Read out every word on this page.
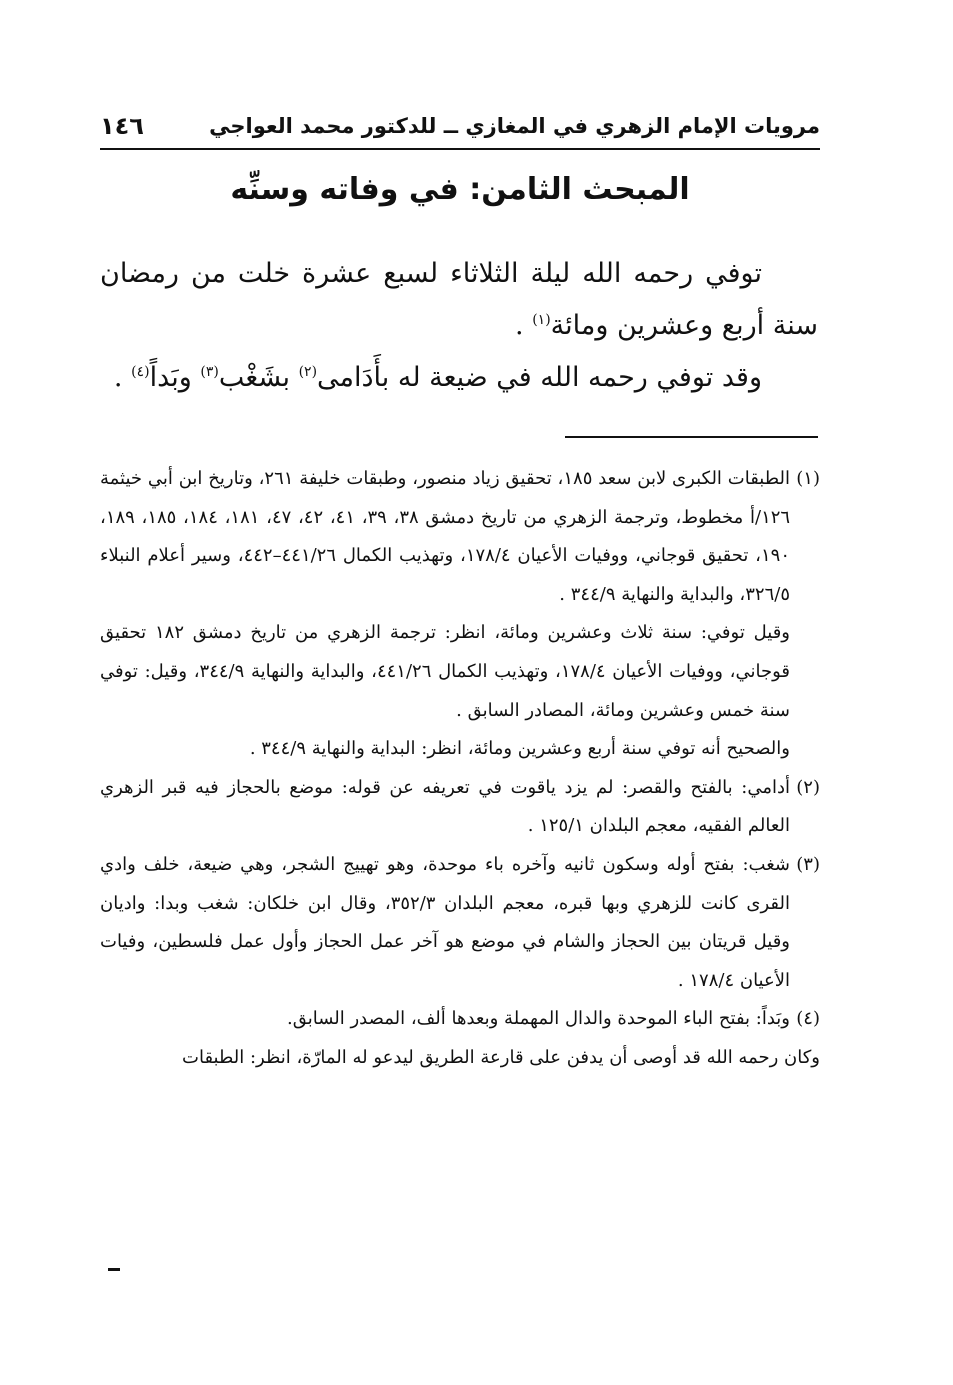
مرويات الإمام الزهري في المغازي ــ للدكتور محمد العواجي
١٤٦
المبحث الثامن: في وفاته وسنِّه

توفي رحمه الله ليلة الثلاثاء لسبع عشرة خلت من رمضان سنة أربع وعشرين ومائة$^{(١)}$ .

وقد توفي رحمه الله في ضيعة له بأَدَامى$^{(٢)}$ بشَغْب$^{(٣)}$ وبَداً$^{(٤)}$ .

(١)الطبقات الكبرى لابن سعد ١٨٥، تحقيق زياد منصور، وطبقات خليفة ٢٦١، وتاريخ ابن أبي خيثمة ١٢٦/أ مخطوط، وترجمة الزهري من تاريخ دمشق ٣٨، ٣٩، ٤١، ٤٢، ٤٧، ١٨١، ١٨٤، ١٨٥، ١٨٩، ١٩٠، تحقيق قوجاني، ووفيات الأعيان ١٧٨/٤، وتهذيب الكمال ٤٤١/٢٦–٤٤٢، وسير أعلام النبلاء ٣٢٦/٥، والبداية والنهاية ٣٤٤/٩ .

وقيل توفي: سنة ثلاث وعشرين ومائة، انظر: ترجمة الزهري من تاريخ دمشق ١٨٢ تحقيق قوجاني، ووفيات الأعيان ١٧٨/٤، وتهذيب الكمال ٤٤١/٢٦، والبداية والنهاية ٣٤٤/٩، وقيل: توفي سنة خمس وعشرين ومائة، المصادر السابق .

والصحيح أنه توفي سنة أربع وعشرين ومائة، انظر: البداية والنهاية ٣٤٤/٩ .

(٢)أدامي: بالفتح والقصر: لم يزد ياقوت في تعريفه عن قوله: موضع بالحجاز فيه قبر الزهري العالم الفقيه، معجم البلدان ١٢٥/١ .

(٣)شغب: بفتح أوله وسكون ثانيه وآخره باء موحدة، وهو تهييج الشجر، وهي ضيعة، خلف وادي القرى كانت للزهري وبها قبره، معجم البلدان ٣٥٢/٣، وقال ابن خلكان: شغب وبدا: واديان وقيل قريتان بين الحجاز والشام في موضع هو آخر عمل الحجاز وأول عمل فلسطين، وفيات الأعيان ١٧٨/٤ .

(٤)وبَداً: بفتح الباء الموحدة والدال المهملة وبعدها ألف، المصدر السابق.

وكان رحمه الله قد أوصى أن يدفن على قارعة الطريق ليدعو له المارّة، انظر: الطبقات
